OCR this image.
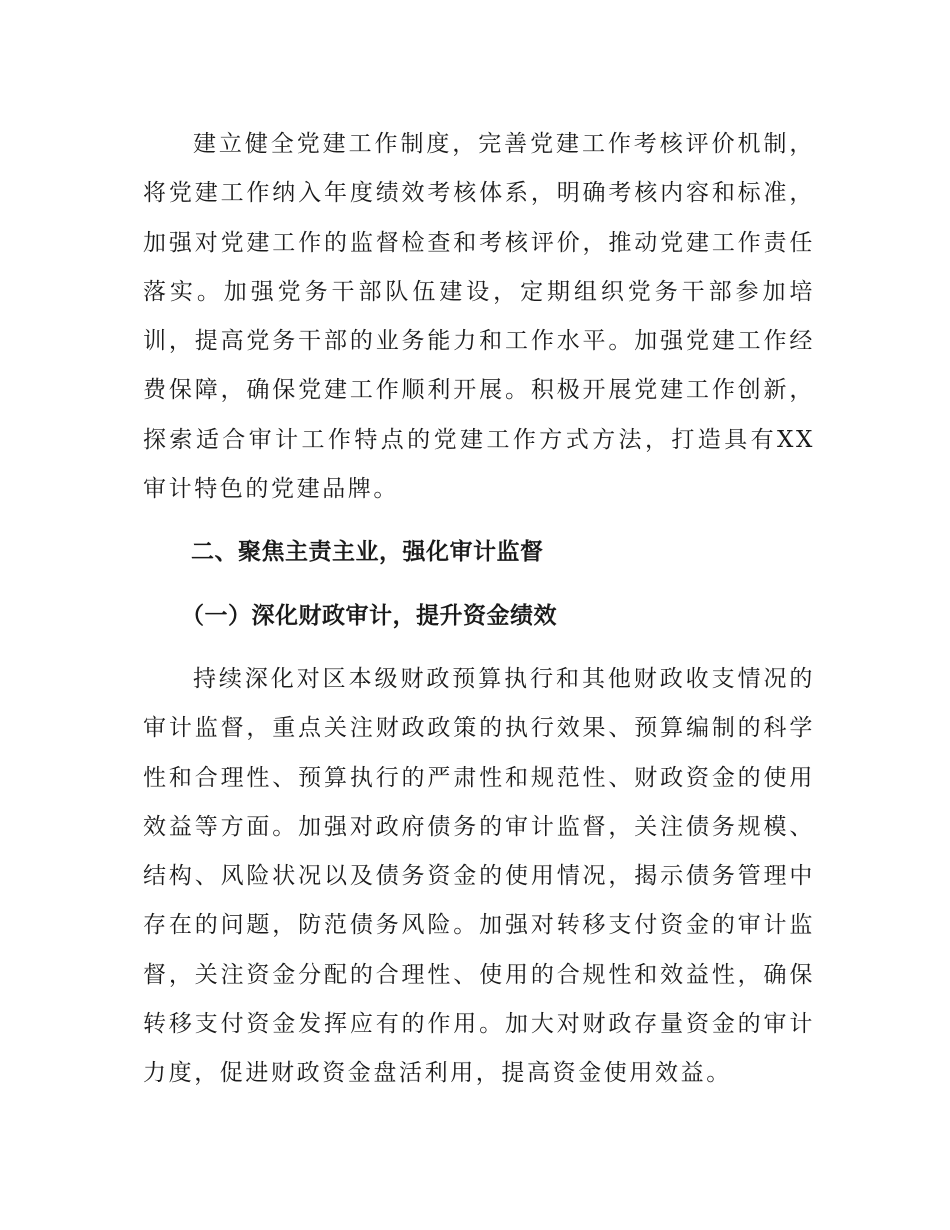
建立健全党建工作制度，完善党建工作考核评价机制，将党建工作纳入年度绩效考核体系，明确考核内容和标准，加强对党建工作的监督检查和考核评价，推动党建工作责任落实。加强党务干部队伍建设，定期组织党务干部参加培训，提高党务干部的业务能力和工作水平。加强党建工作经费保障，确保党建工作顺利开展。积极开展党建工作创新，探索适合审计工作特点的党建工作方式方法，打造具有XX审计特色的党建品牌。

二、聚焦主责主业，强化审计监督

（一）深化财政审计，提升资金绩效

持续深化对区本级财政预算执行和其他财政收支情况的审计监督，重点关注财政政策的执行效果、预算编制的科学性和合理性、预算执行的严肃性和规范性、财政资金的使用效益等方面。加强对政府债务的审计监督，关注债务规模、结构、风险状况以及债务资金的使用情况，揭示债务管理中存在的问题，防范债务风险。加强对转移支付资金的审计监督，关注资金分配的合理性、使用的合规性和效益性，确保转移支付资金发挥应有的作用。加大对财政存量资金的审计力度，促进财政资金盘活利用，提高资金使用效益。
